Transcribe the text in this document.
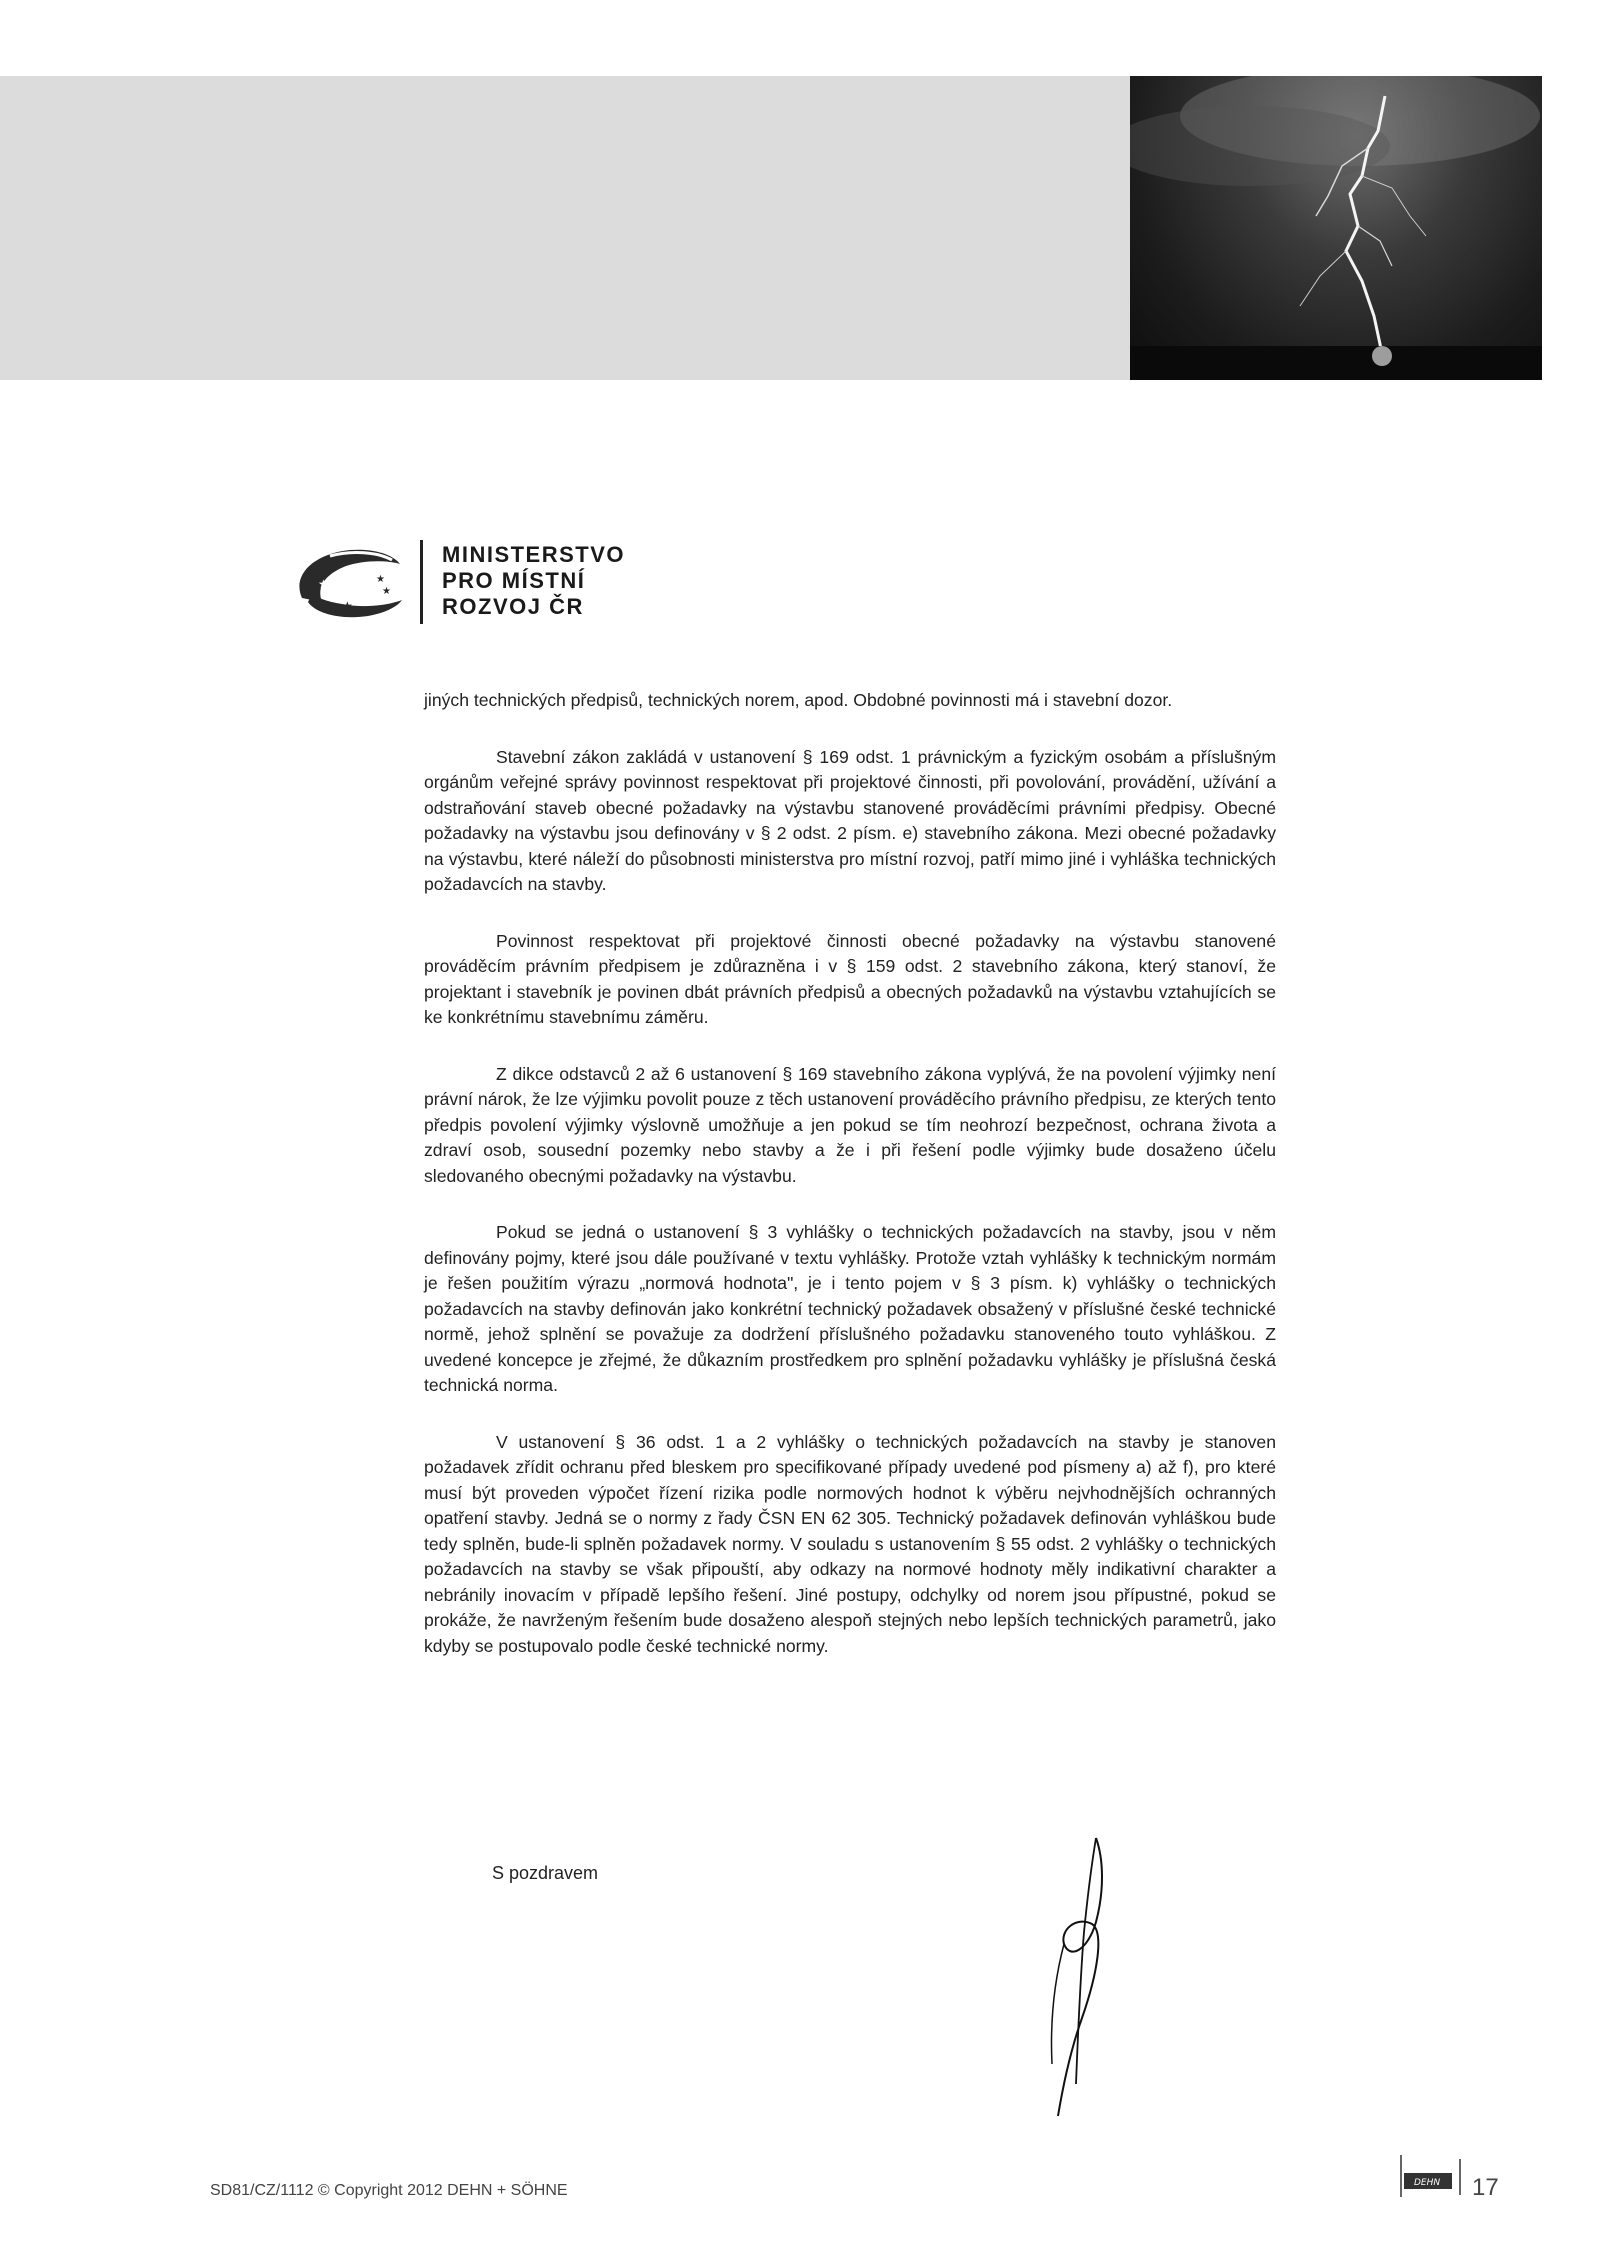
★
★
★
★
★
MINISTERSTVO
PRO MÍSTNÍ
ROZVOJ ČR

jiných technických předpisů, technických norem, apod. Obdobné povinnosti má i stavební dozor.

Stavební zákon zakládá v ustanovení § 169 odst. 1 právnickým a fyzickým osobám a příslušným orgánům veřejné správy povinnost respektovat při projektové činnosti, při povolování, provádění, užívání a odstraňování staveb obecné požadavky na výstavbu stanovené prováděcími právními předpisy. Obecné požadavky na výstavbu jsou definovány v § 2 odst. 2 písm. e) stavebního zákona. Mezi obecné požadavky na výstavbu, které náleží do působnosti ministerstva pro místní rozvoj, patří mimo jiné i vyhláška technických požadavcích na stavby.

Povinnost respektovat při projektové činnosti obecné požadavky na výstavbu stanovené prováděcím právním předpisem je zdůrazněna i v § 159 odst. 2 stavebního zákona, který stanoví, že projektant i stavebník je povinen dbát právních předpisů a obecných požadavků na výstavbu vztahujících se ke konkrétnímu stavebnímu záměru.

Z dikce odstavců 2 až 6 ustanovení § 169 stavebního zákona vyplývá, že na povolení výjimky není právní nárok, že lze výjimku povolit pouze z těch ustanovení prováděcího právního předpisu, ze kterých tento předpis povolení výjimky výslovně umožňuje a jen pokud se tím neohrozí bezpečnost, ochrana života a zdraví osob, sousední pozemky nebo stavby a že i při řešení podle výjimky bude dosaženo účelu sledovaného obecnými požadavky na výstavbu.

Pokud se jedná o ustanovení § 3 vyhlášky o technických požadavcích na stavby, jsou v něm definovány pojmy, které jsou dále používané v textu vyhlášky. Protože vztah vyhlášky k technickým normám je řešen použitím výrazu „normová hodnota", je i tento pojem v § 3 písm. k) vyhlášky o technických požadavcích na stavby definován jako konkrétní technický požadavek obsažený v příslušné české technické normě, jehož splnění se považuje za dodržení příslušného požadavku stanoveného touto vyhláškou. Z uvedené koncepce je zřejmé, že důkazním prostředkem pro splnění požadavku vyhlášky je příslušná česká technická norma.

V ustanovení § 36 odst. 1 a 2 vyhlášky o technických požadavcích na stavby je stanoven požadavek zřídit ochranu před bleskem pro specifikované případy uvedené pod písmeny a) až f), pro které musí být proveden výpočet řízení rizika podle normových hodnot k výběru nejvhodnějších ochranných opatření stavby. Jedná se o normy z řady ČSN EN 62 305. Technický požadavek definován vyhláškou bude tedy splněn, bude-li splněn požadavek normy. V souladu s ustanovením § 55 odst. 2 vyhlášky o technických požadavcích na stavby se však připouští, aby odkazy na normové hodnoty měly indikativní charakter a nebránily inovacím v případě lepšího řešení. Jiné postupy, odchylky od norem jsou přípustné, pokud se prokáže, že navrženým řešením bude dosaženo alespoň stejných nebo lepších technických parametrů, jako kdyby se postupovalo podle české technické normy.

S pozdravem
SD81/CZ/1112 © Copyright 2012 DEHN + SÖHNE	DEHN 17
